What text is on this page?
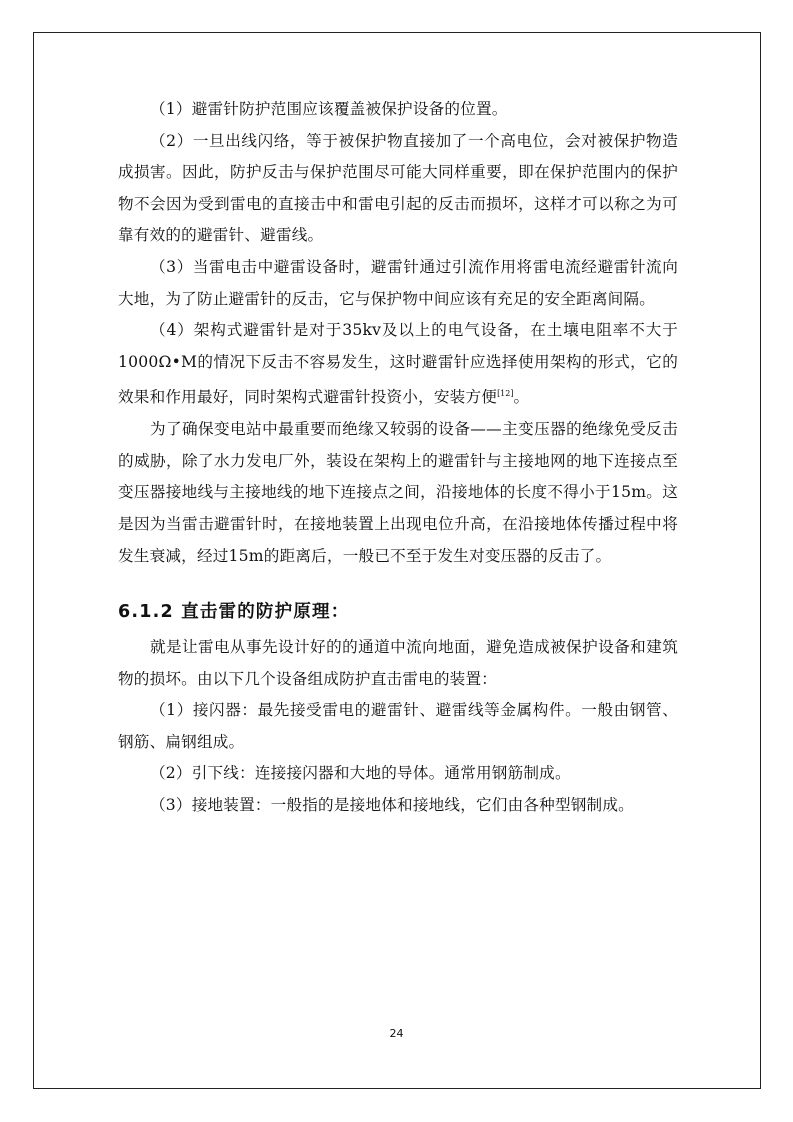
（1）避雷针防护范围应该覆盖被保护设备的位置。

（2）一旦出线闪络，等于被保护物直接加了一个高电位，会对被保护物造成损害。因此，防护反击与保护范围尽可能大同样重要，即在保护范围内的保护物不会因为受到雷电的直接击中和雷电引起的反击而损坏，这样才可以称之为可靠有效的的避雷针、避雷线。

（3）当雷电击中避雷设备时，避雷针通过引流作用将雷电流经避雷针流向大地，为了防止避雷针的反击，它与保护物中间应该有充足的安全距离间隔。

（4）架构式避雷针是对于35kv及以上的电气设备，在土壤电阻率不大于1000Ω•M的情况下反击不容易发生，这时避雷针应选择使用架构的形式，它的效果和作用最好，同时架构式避雷针投资小，安装方便[12]。

为了确保变电站中最重要而绝缘又较弱的设备——主变压器的绝缘免受反击的威胁，除了水力发电厂外，装设在架构上的避雷针与主接地网的地下连接点至变压器接地线与主接地线的地下连接点之间，沿接地体的长度不得小于15m。这是因为当雷击避雷针时，在接地装置上出现电位升高，在沿接地体传播过程中将发生衰减，经过15m的距离后，一般已不至于发生对变压器的反击了。

6.1.2 直击雷的防护原理：

就是让雷电从事先设计好的的通道中流向地面，避免造成被保护设备和建筑物的损坏。由以下几个设备组成防护直击雷电的装置：

（1）接闪器：最先接受雷电的避雷针、避雷线等金属构件。一般由钢管、钢筋、扁钢组成。

（2）引下线：连接接闪器和大地的导体。通常用钢筋制成。

（3）接地装置：一般指的是接地体和接地线，它们由各种型钢制成。

24
